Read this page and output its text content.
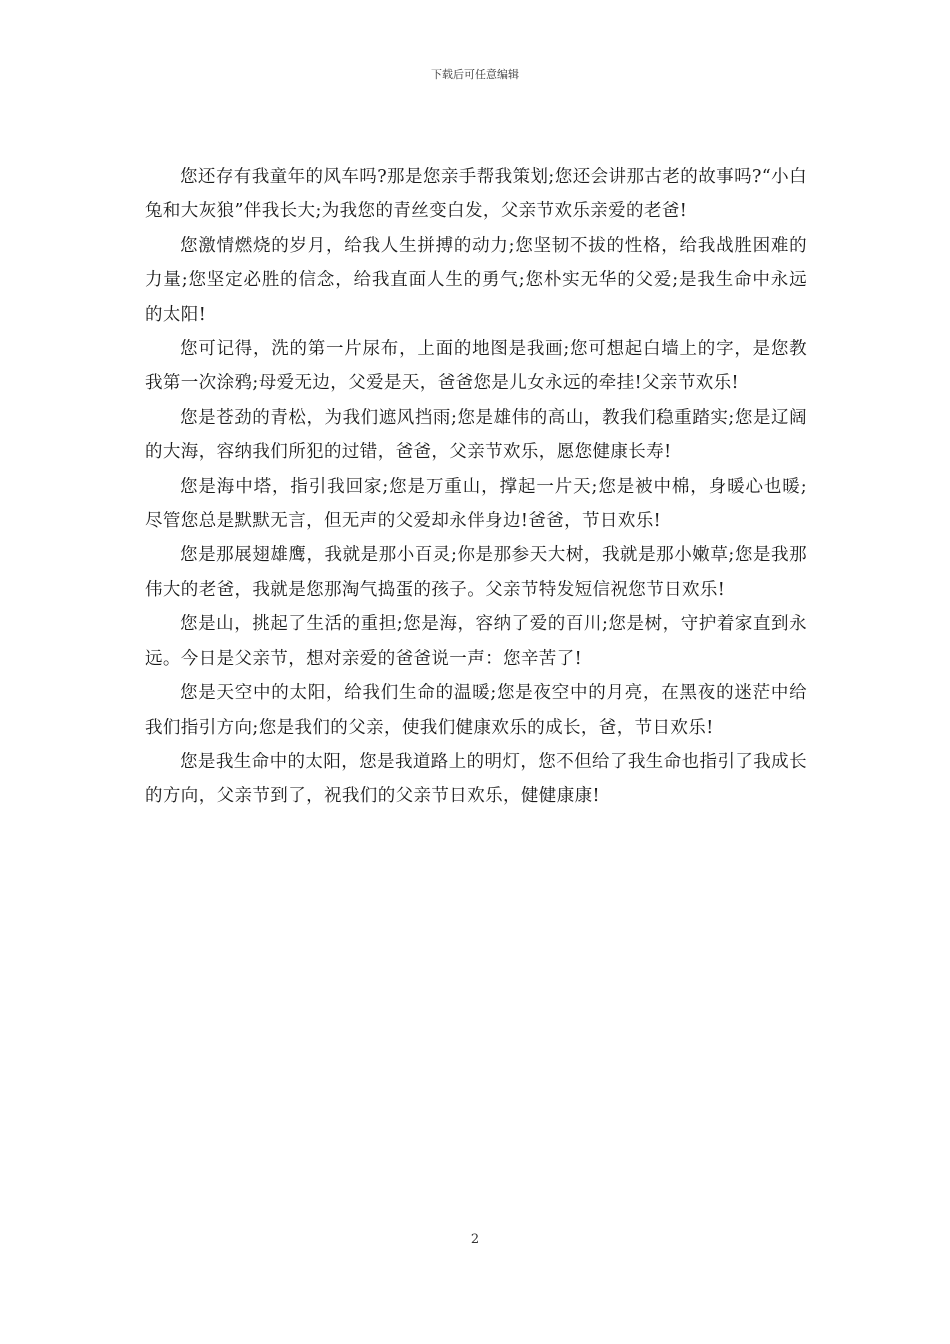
下载后可任意编辑

您还存有我童年的风车吗?那是您亲手帮我策划;您还会讲那古老的故事吗?“小白兔和大灰狼”伴我长大;为我您的青丝变白发，父亲节欢乐亲爱的老爸!

您激情燃烧的岁月，给我人生拼搏的动力;您坚韧不拔的性格，给我战胜困难的力量;您坚定必胜的信念，给我直面人生的勇气;您朴实无华的父爱;是我生命中永远的太阳!

您可记得，洗的第一片尿布，上面的地图是我画;您可想起白墙上的字，是您教我第一次涂鸦;母爱无边，父爱是天，爸爸您是儿女永远的牵挂!父亲节欢乐!

您是苍劲的青松，为我们遮风挡雨;您是雄伟的高山，教我们稳重踏实;您是辽阔的大海，容纳我们所犯的过错，爸爸，父亲节欢乐，愿您健康长寿!

您是海中塔，指引我回家;您是万重山，撑起一片天;您是被中棉，身暖心也暖;尽管您总是默默无言，但无声的父爱却永伴身边!爸爸，节日欢乐!

您是那展翅雄鹰，我就是那小百灵;你是那参天大树，我就是那小嫩草;您是我那伟大的老爸，我就是您那淘气捣蛋的孩子。父亲节特发短信祝您节日欢乐!

您是山，挑起了生活的重担;您是海，容纳了爱的百川;您是树，守护着家直到永远。今日是父亲节，想对亲爱的爸爸说一声：您辛苦了!

您是天空中的太阳，给我们生命的温暖;您是夜空中的月亮，在黑夜的迷茫中给我们指引方向;您是我们的父亲，使我们健康欢乐的成长，爸，节日欢乐!

您是我生命中的太阳，您是我道路上的明灯，您不但给了我生命也指引了我成长的方向，父亲节到了，祝我们的父亲节日欢乐，健健康康!

2
